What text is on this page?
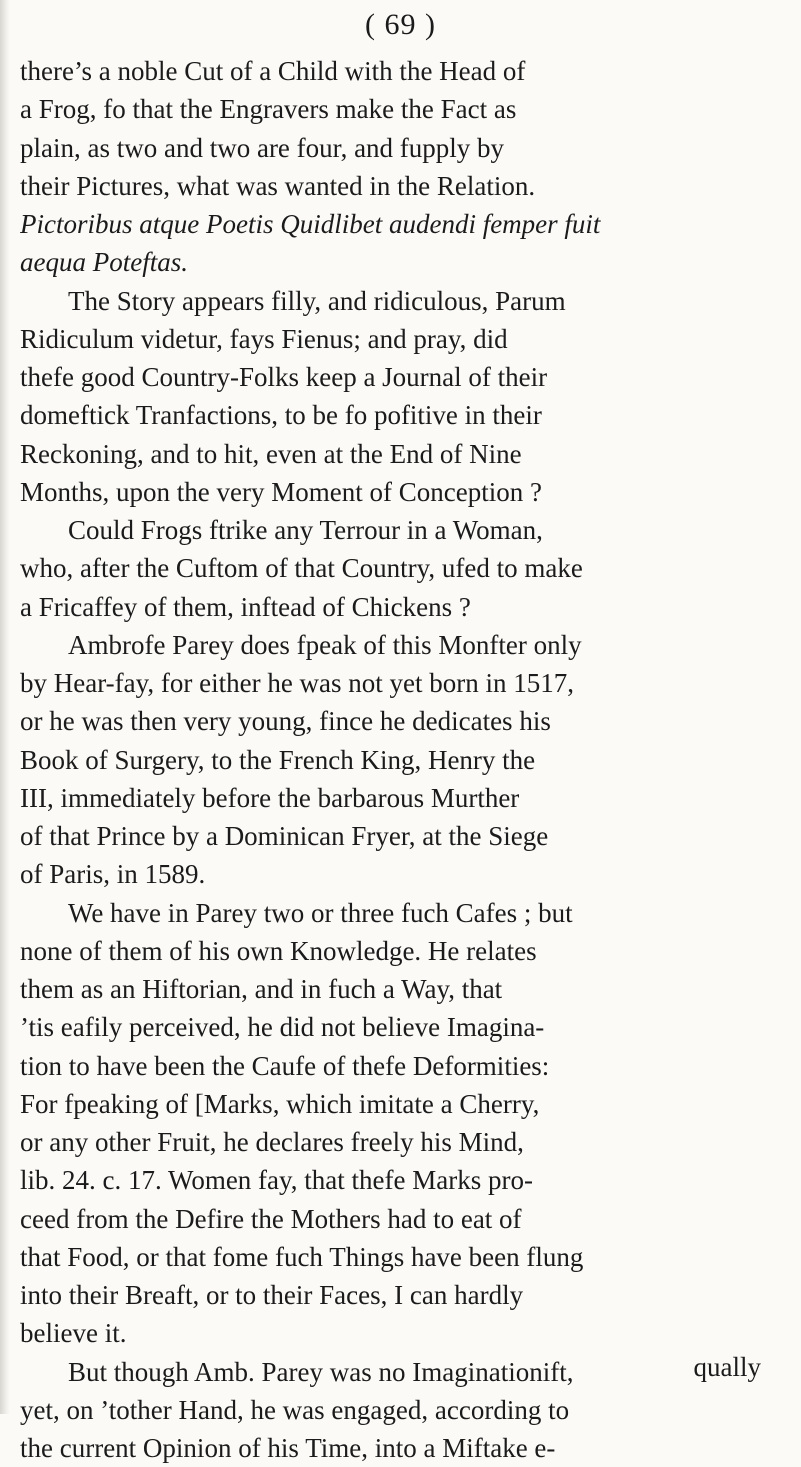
( 69 )
there’s a noble Cut of a Child with the Head of
a Frog, fo that the Engravers make the Fact as
plain, as two and two are four, and fupply by
their Pictures, what was wanted in the Relation.
Pictoribus atque Poetis Quidlibet audendi femper fuit
aequa Poteftas.
The Story appears filly, and ridiculous, Parum
Ridiculum videtur, fays Fienus; and pray, did
thefe good Country-Folks keep a Journal of their
domeftick Tranfactions, to be fo pofitive in their
Reckoning, and to hit, even at the End of Nine
Months, upon the very Moment of Conception ?
Could Frogs ftrike any Terrour in a Woman,
who, after the Cuftom of that Country, ufed to make
a Fricaffey of them, inftead of Chickens ?
Ambrofe Parey does fpeak of this Monfter only
by Hear-fay, for either he was not yet born in 1517,
or he was then very young, fince he dedicates his
Book of Surgery, to the French King, Henry the
III, immediately before the barbarous Murther
of that Prince by a Dominican Fryer, at the Siege
of Paris, in 1589.
We have in Parey two or three fuch Cafes ; but
none of them of his own Knowledge. He relates
them as an Hiftorian, and in fuch a Way, that
’tis eafily perceived, he did not believe Imagina-
tion to have been the Caufe of thefe Deformities:
For fpeaking of [Marks, which imitate a Cherry,
or any other Fruit, he declares freely his Mind,
lib. 24. c. 17. Women fay, that thefe Marks pro-
ceed from the Defire the Mothers had to eat of
that Food, or that fome fuch Things have been flung
into their Breaft, or to their Faces, I can hardly
believe it.
But though Amb. Parey was no Imaginationift,
yet, on ’tother Hand, he was engaged, according to
the current Opinion of his Time, into a Miftake e-
qually
